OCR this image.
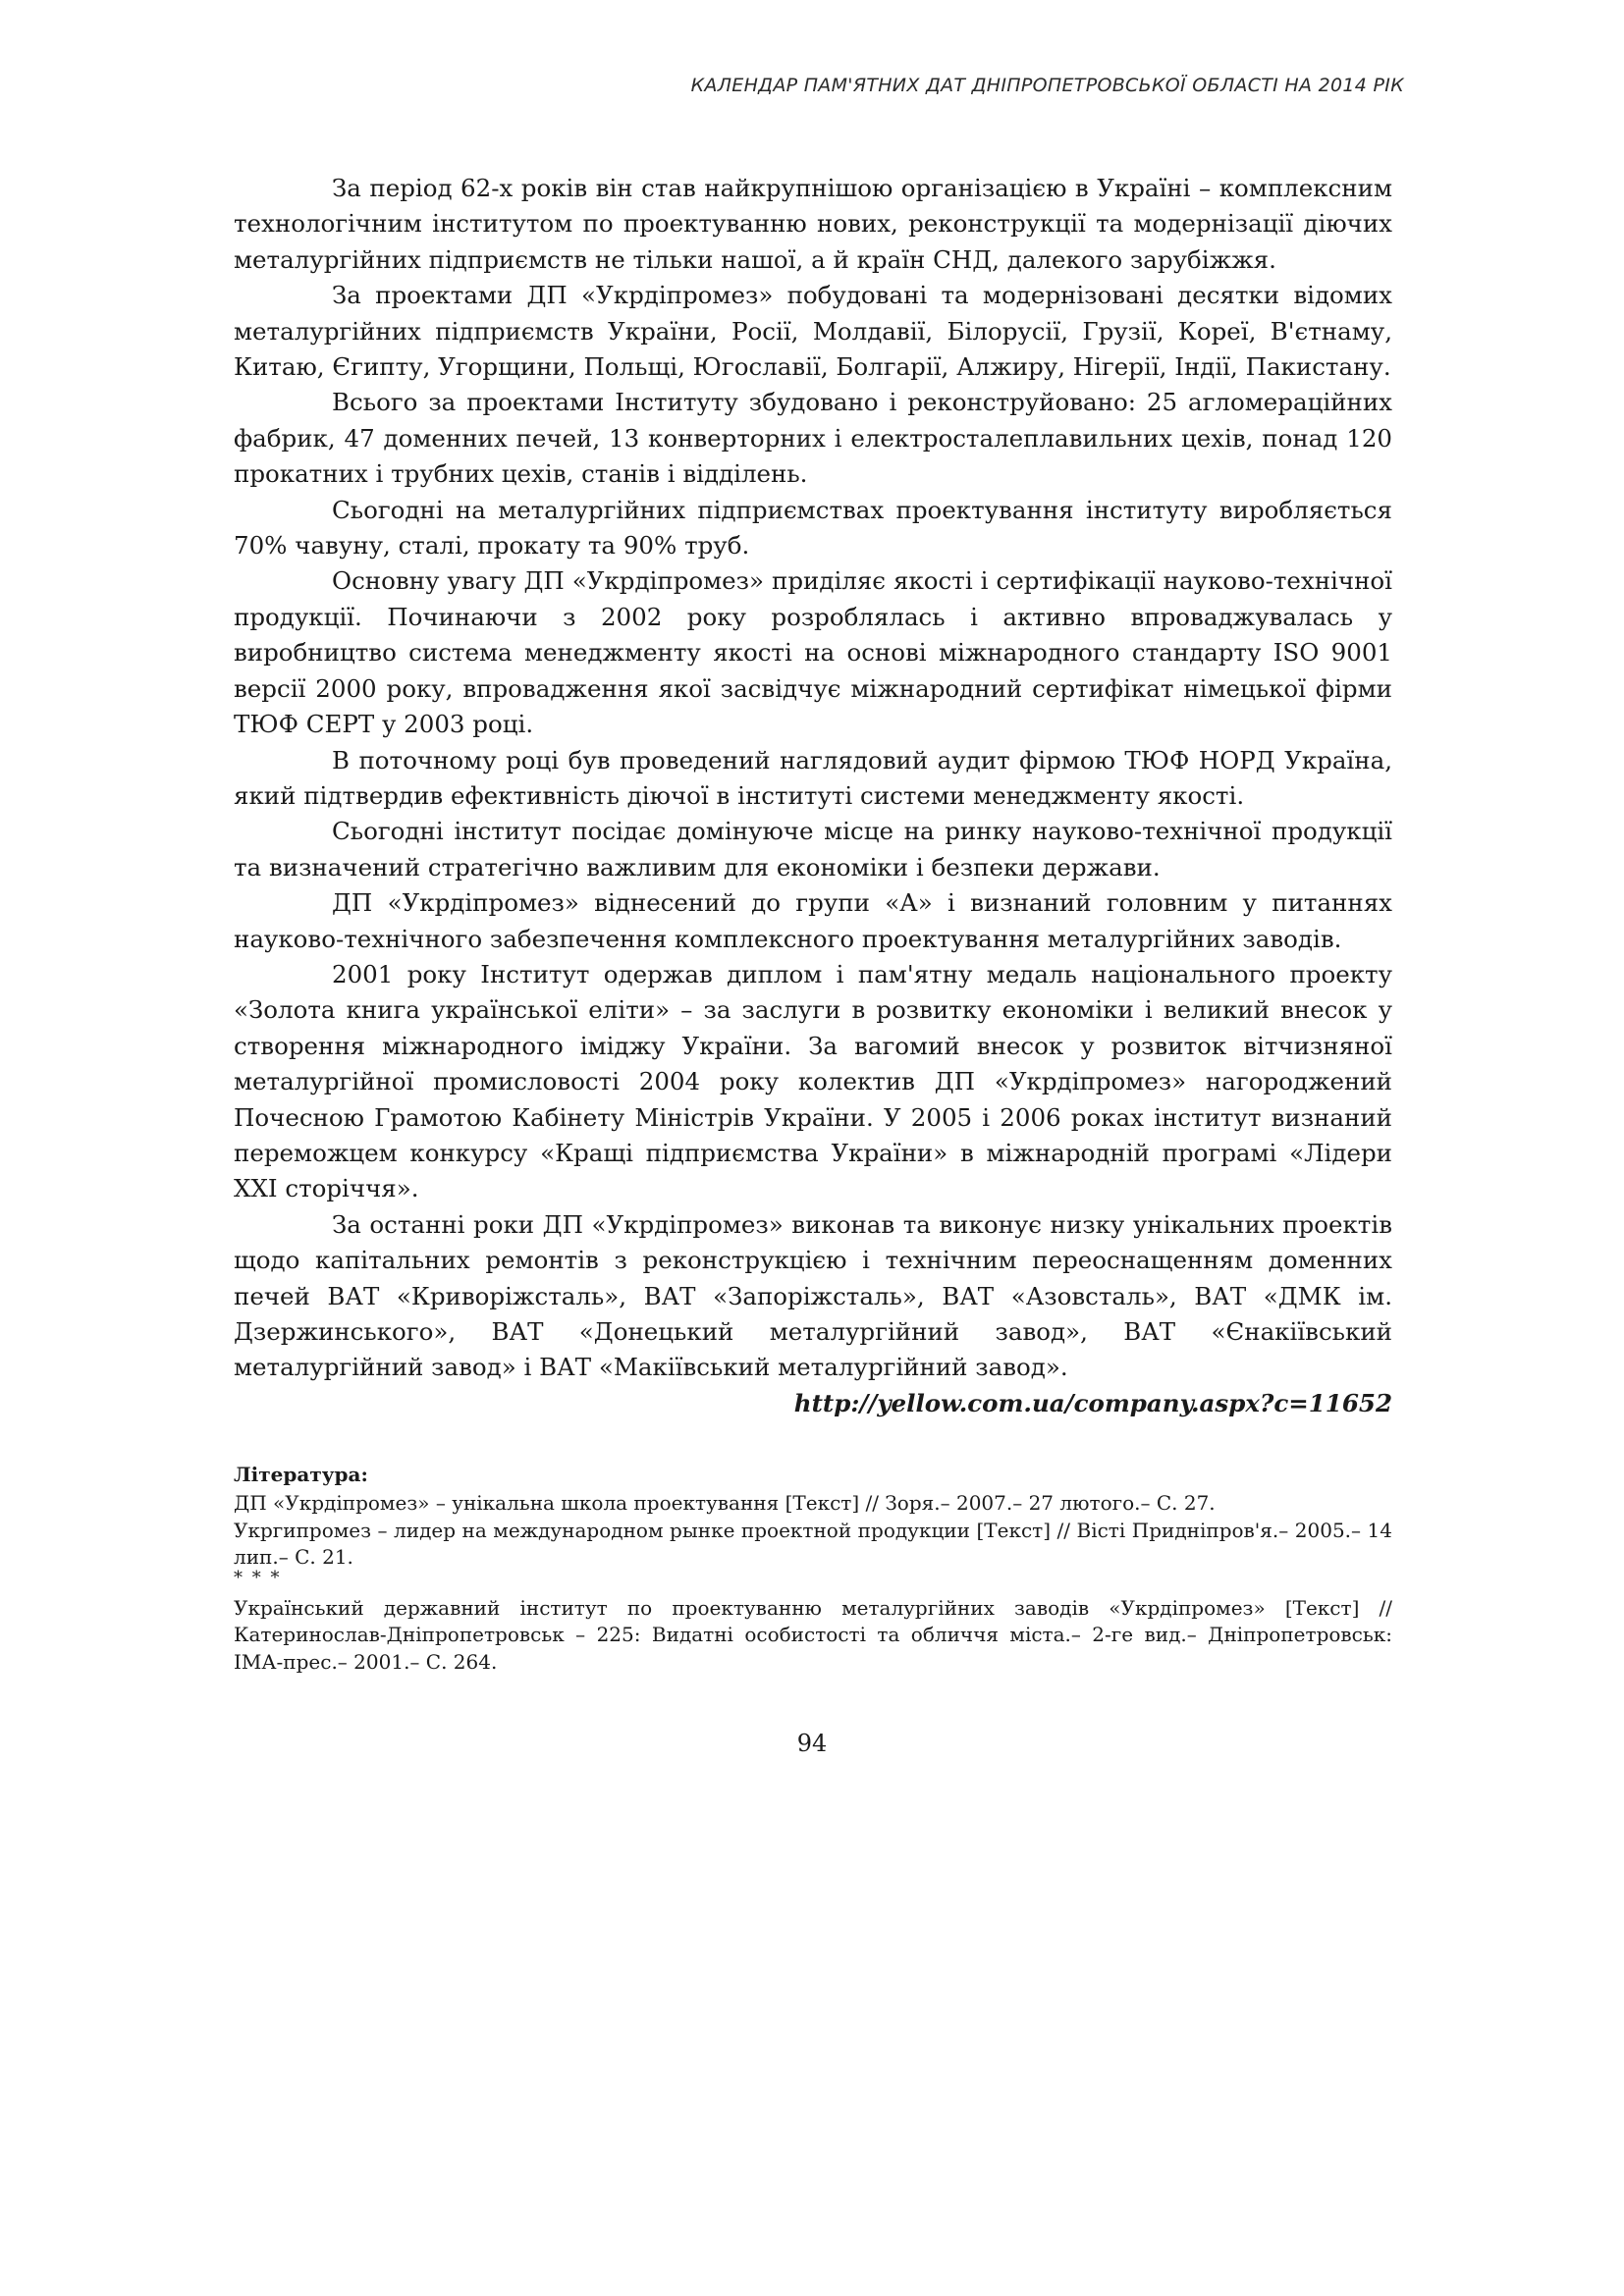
КАЛЕНДАР ПАМ'ЯТНИХ ДАТ ДНІПРОПЕТРОВСЬКОЇ ОБЛАСТІ НА 2014 РІК

За період 62-х років він став найкрупнішою організацією в Україні – комплексним технологічним інститутом по проектуванню нових, реконструкції та модернізації діючих металургійних підприємств не тільки нашої, а й країн СНД, далекого зарубіжжя.

За проектами ДП «Укрдіпромез» побудовані та модернізовані десятки відомих металургійних підприємств України, Росії, Молдавії, Білорусії, Грузії, Кореї, В'єтнаму, Китаю, Єгипту, Угорщини, Польщі, Югославії, Болгарії, Алжиру, Нігерії, Індії, Пакистану.

Всього за проектами Інституту збудовано і реконструйовано: 25 агломераційних фабрик, 47 доменних печей, 13 конверторних і електросталеплавильних цехів, понад 120 прокатних і трубних цехів, станів і відділень.

Сьогодні на металургійних підприємствах проектування інституту виробляється 70% чавуну, сталі, прокату та 90% труб.

Основну увагу ДП «Укрдіпромез» приділяє якості і сертифікації науково-технічної продукції. Починаючи з 2002 року розроблялась і активно впроваджувалась у виробництво система менеджменту якості на основі міжнародного стандарту ISO 9001 версії 2000 року, впровадження якої засвідчує міжнародний сертифікат німецької фірми ТЮФ СЕРТ у 2003 році.

В поточному році був проведений наглядовий аудит фірмою ТЮФ НОРД Україна, який підтвердив ефективність діючої в інституті системи менеджменту якості.

Сьогодні інститут посідає домінуюче місце на ринку науково-технічної продукції та визначений стратегічно важливим для економіки і безпеки держави.

ДП «Укрдіпромез» віднесений до групи «А» і визнаний головним у питаннях науково-технічного забезпечення комплексного проектування металургійних заводів.

2001 року Інститут одержав диплом і пам'ятну медаль національного проекту «Золота книга української еліти» – за заслуги в розвитку економіки і великий внесок у створення міжнародного іміджу України. За вагомий внесок у розвиток вітчизняної металургійної промисловості 2004 року колектив ДП «Укрдіпромез» нагороджений Почесною Грамотою Кабінету Міністрів України. У 2005 і 2006 роках інститут визнаний переможцем конкурсу «Кращі підприємства України» в міжнародній програмі «Лідери XXI сторіччя».

За останні роки ДП «Укрдіпромез» виконав та виконує низку унікальних проектів щодо капітальних ремонтів з реконструкцією і технічним переоснащенням доменних печей ВАТ «Криворіжсталь», ВАТ «Запоріжсталь», ВАТ «Азовсталь», ВАТ «ДМК ім. Дзержинського», ВАТ «Донецький металургійний завод», ВАТ «Єнакіївський металургійний завод» і ВАТ «Макіївський металургійний завод».

http://yellow.com.ua/company.aspx?c=11652

Література:

ДП «Укрдіпромез» – унікальна школа проектування [Текст] // Зоря.– 2007.– 27 лютого.– С. 27.

Укргипромез – лидер на международном рынке проектной продукции [Текст] // Вісті Придніпров'я.– 2005.– 14 лип.– С. 21.

* * *

Український державний інститут по проектуванню металургійних заводів «Укрдіпромез» [Текст] // Катеринослав-Дніпропетровськ – 225: Видатні особистості та обличчя міста.– 2-ге вид.– Дніпропетровськ: ІМА-прес.– 2001.– С. 264.

94
